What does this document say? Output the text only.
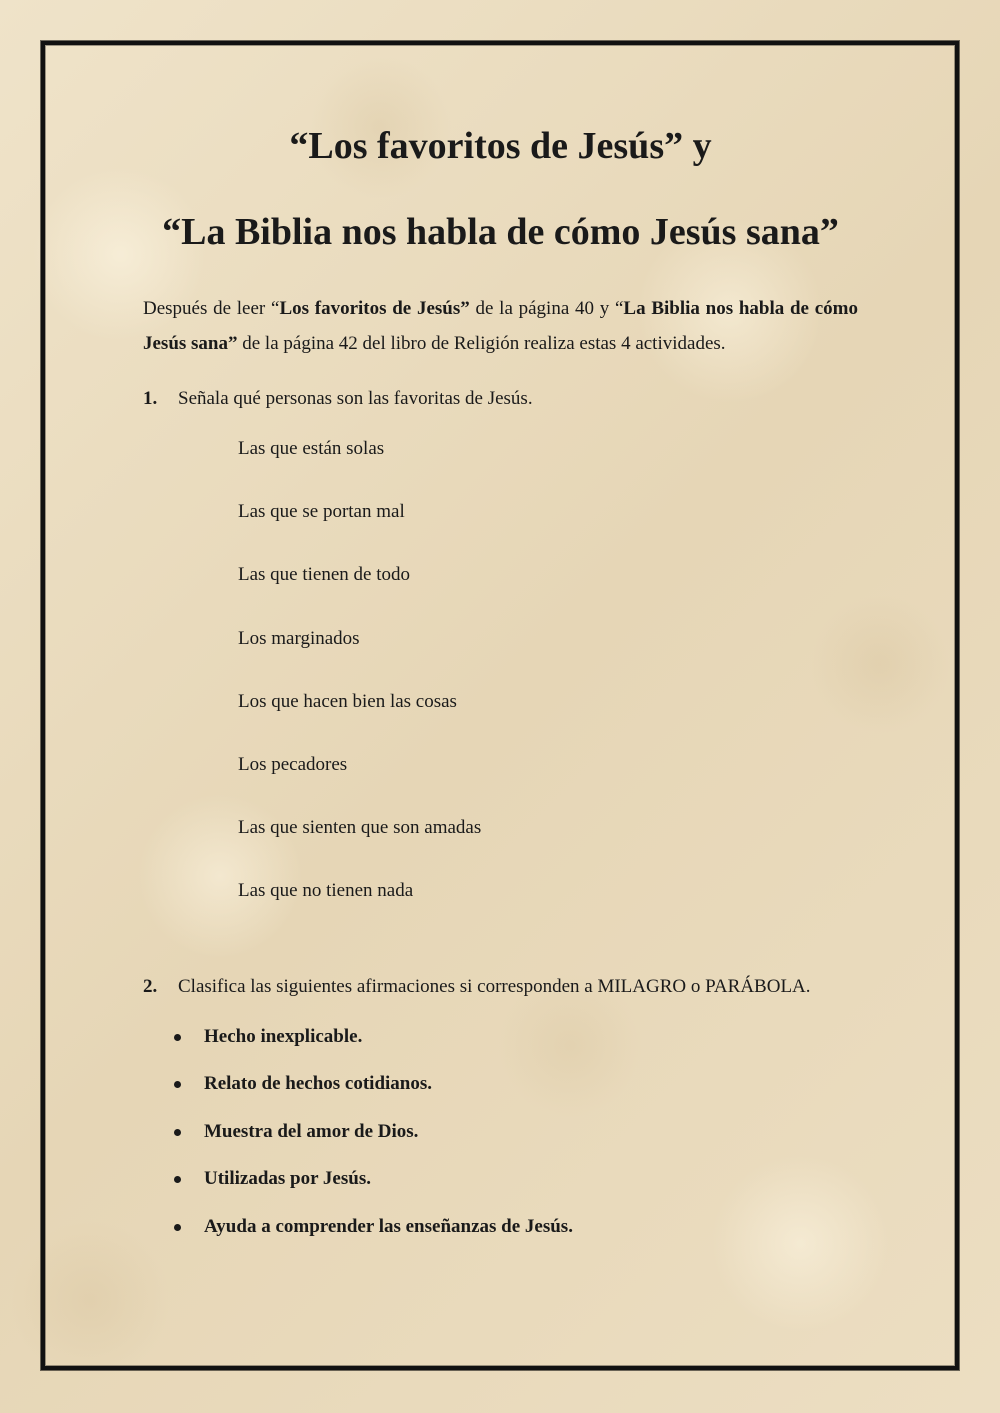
“Los favoritos de Jesús” y
“La Biblia nos habla de cómo Jesús sana”

Después de leer “Los favoritos de Jesús” de la página 40 y “La Biblia nos habla de cómo Jesús sana” de la página 42 del libro de Religión realiza estas 4 actividades.

1. Señala qué personas son las favoritas de Jesús.
Las que están solas
Las que se portan mal
Las que tienen de todo
Los marginados
Los que hacen bien las cosas
Los pecadores
Las que sienten que son amadas
Las que no tienen nada
2. Clasifica las siguientes afirmaciones si corresponden a MILAGRO o PARÁBOLA.
Hecho inexplicable.
Relato de hechos cotidianos.
Muestra del amor de Dios.
Utilizadas por Jesús.
Ayuda a comprender las enseñanzas de Jesús.
